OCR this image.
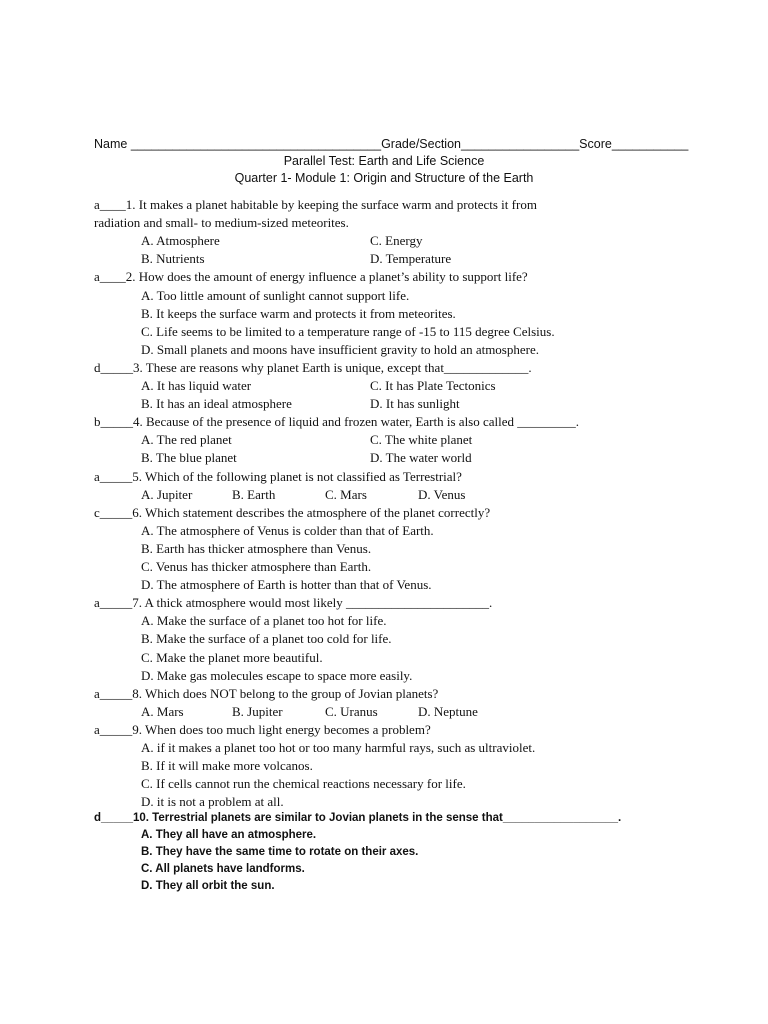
Name ____________________________________Grade/Section_________________Score___________
Parallel Test: Earth and Life Science
Quarter 1- Module 1: Origin and Structure of the Earth
a____1. It makes a planet habitable by keeping the surface warm and protects it from
radiation and small- to medium-sized meteorites.
A. Atmosphere	C. Energy
B. Nutrients	D. Temperature
a____2. How does the amount of energy influence a planet’s ability to support life?
A. Too little amount of sunlight cannot support life.
B. It keeps the surface warm and protects it from meteorites.
C. Life seems to be limited to a temperature range of -15 to 115 degree Celsius.
D. Small planets and moons have insufficient gravity to hold an atmosphere.
d_____3. These are reasons why planet Earth is unique, except that_____________.
A. It has liquid water	C. It has Plate Tectonics
B. It has an ideal atmosphere	D. It has sunlight
b_____4. Because of the presence of liquid and frozen water, Earth is also called _________.
A. The red planet	C. The white planet
B. The blue planet	D. The water world
a_____5. Which of the following planet is not classified as Terrestrial?
A. Jupiter	B. Earth	C. Mars	D. Venus
c_____6. Which statement describes the atmosphere of the planet correctly?
A. The atmosphere of Venus is colder than that of Earth.
B. Earth has thicker atmosphere than Venus.
C. Venus has thicker atmosphere than Earth.
D. The atmosphere of Earth is hotter than that of Venus.
a_____7. A thick atmosphere would most likely ______________________.
A. Make the surface of a planet too hot for life.
B. Make the surface of a planet too cold for life.
C. Make the planet more beautiful.
D. Make gas molecules escape to space more easily.
a_____8. Which does NOT belong to the group of Jovian planets?
A. Mars	B. Jupiter	C. Uranus	D. Neptune
a_____9. When does too much light energy becomes a problem?
A. if it makes a planet too hot or too many harmful rays, such as ultraviolet.
B. If it will make more volcanos.
C. If cells cannot run the chemical reactions necessary for life.
D. it is not a problem at all.
d_____10. Terrestrial planets are similar to Jovian planets in the sense that__________________.
A. They all have an atmosphere.
B. They have the same time to rotate on their axes.
C. All planets have landforms.
D. They all orbit the sun.
